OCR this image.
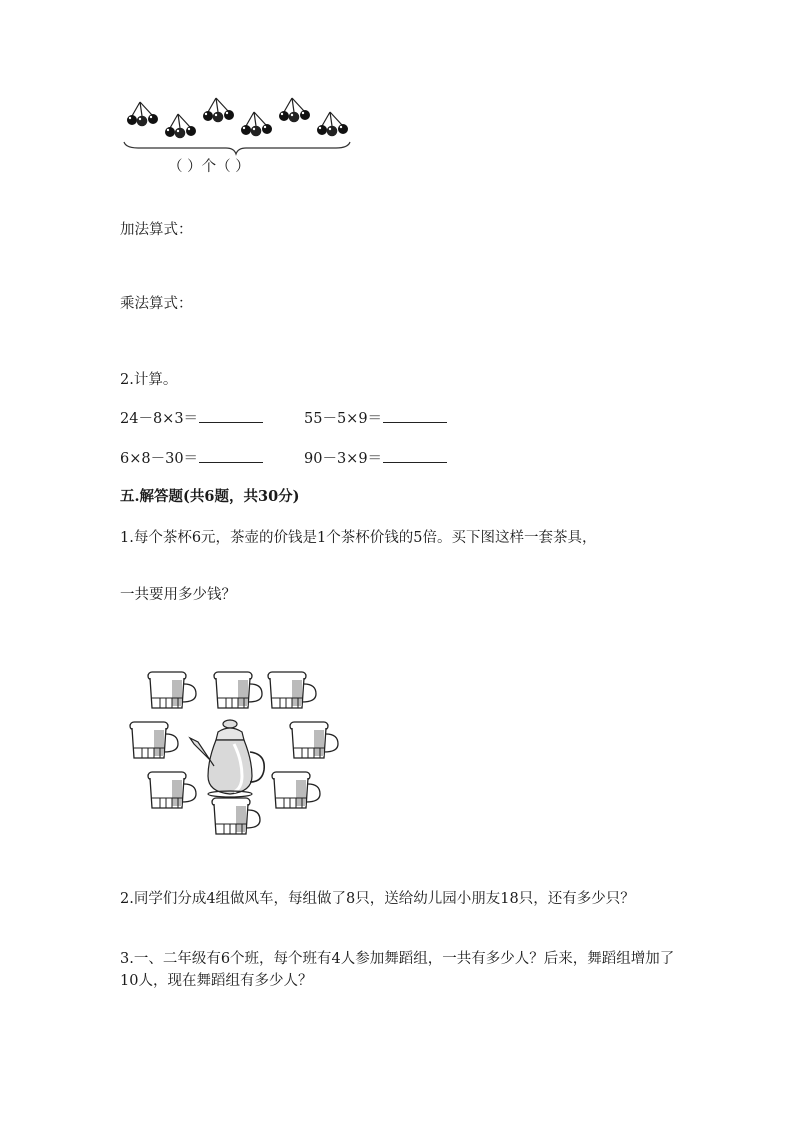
（ ）个（ ）
加法算式：
乘法算式：
2.计算。
24－8×3＝	55－5×9＝
6×8－30＝	90－3×9＝
五.解答题(共6题，共30分)
1.每个茶杯6元，茶壶的价钱是1个茶杯价钱的5倍。买下图这样一套茶具，
一共要用多少钱？
2.同学们分成4组做风车，每组做了8只，送给幼儿园小朋友18只，还有多少只？
3.一、二年级有6个班，每个班有4人参加舞蹈组，一共有多少人？后来，舞蹈组增加了10人，现在舞蹈组有多少人？
